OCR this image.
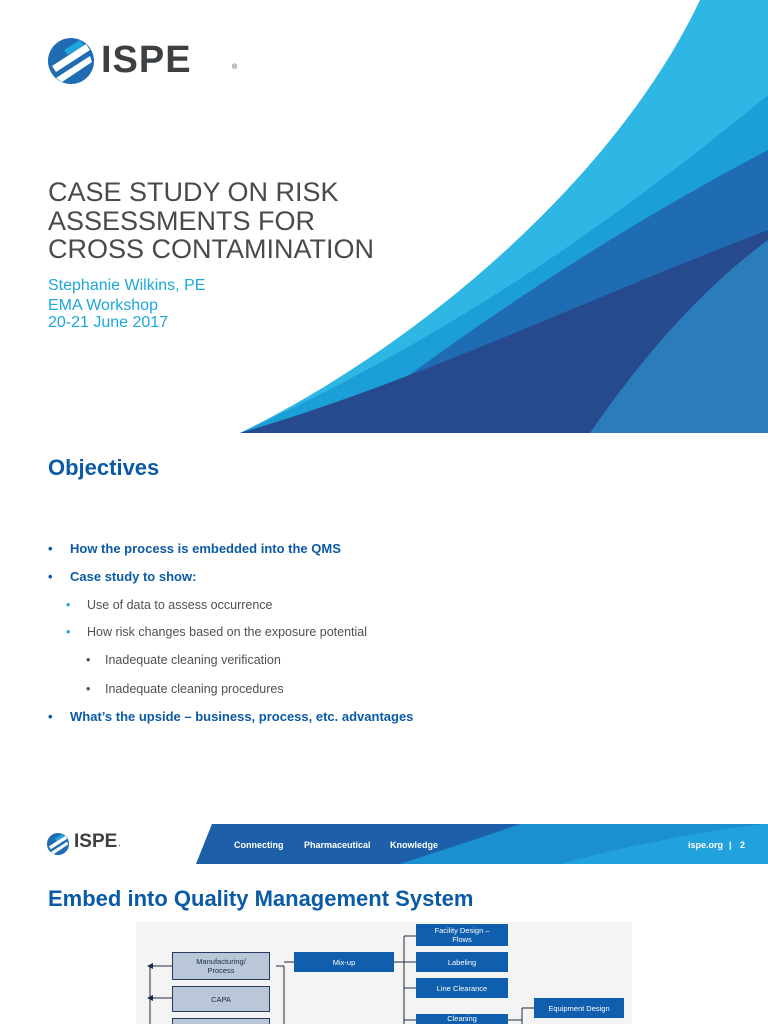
ISPE	®
CASE STUDY ON RISK
ASSESSMENTS FOR
CROSS CONTAMINATION
Stephanie Wilkins, PE
EMA Workshop
20-21 June 2017
Objectives
• How the process is embedded into the QMS
• Case study to show:
• Use of data to assess occurrence
• How risk changes based on the exposure potential
• Inadequate cleaning verification
• Inadequate cleaning procedures
• What’s the upside – business, process, etc. advantages
ISPE .	Connecting Pharmaceutical Knowledge	ispe.org | 2
Embed into Quality Management System
Manufacturing/
Process
CAPA
Mix-up
Facility Design –
Flows
Labeling
Line Clearance
Cleaning
Equipment Design
